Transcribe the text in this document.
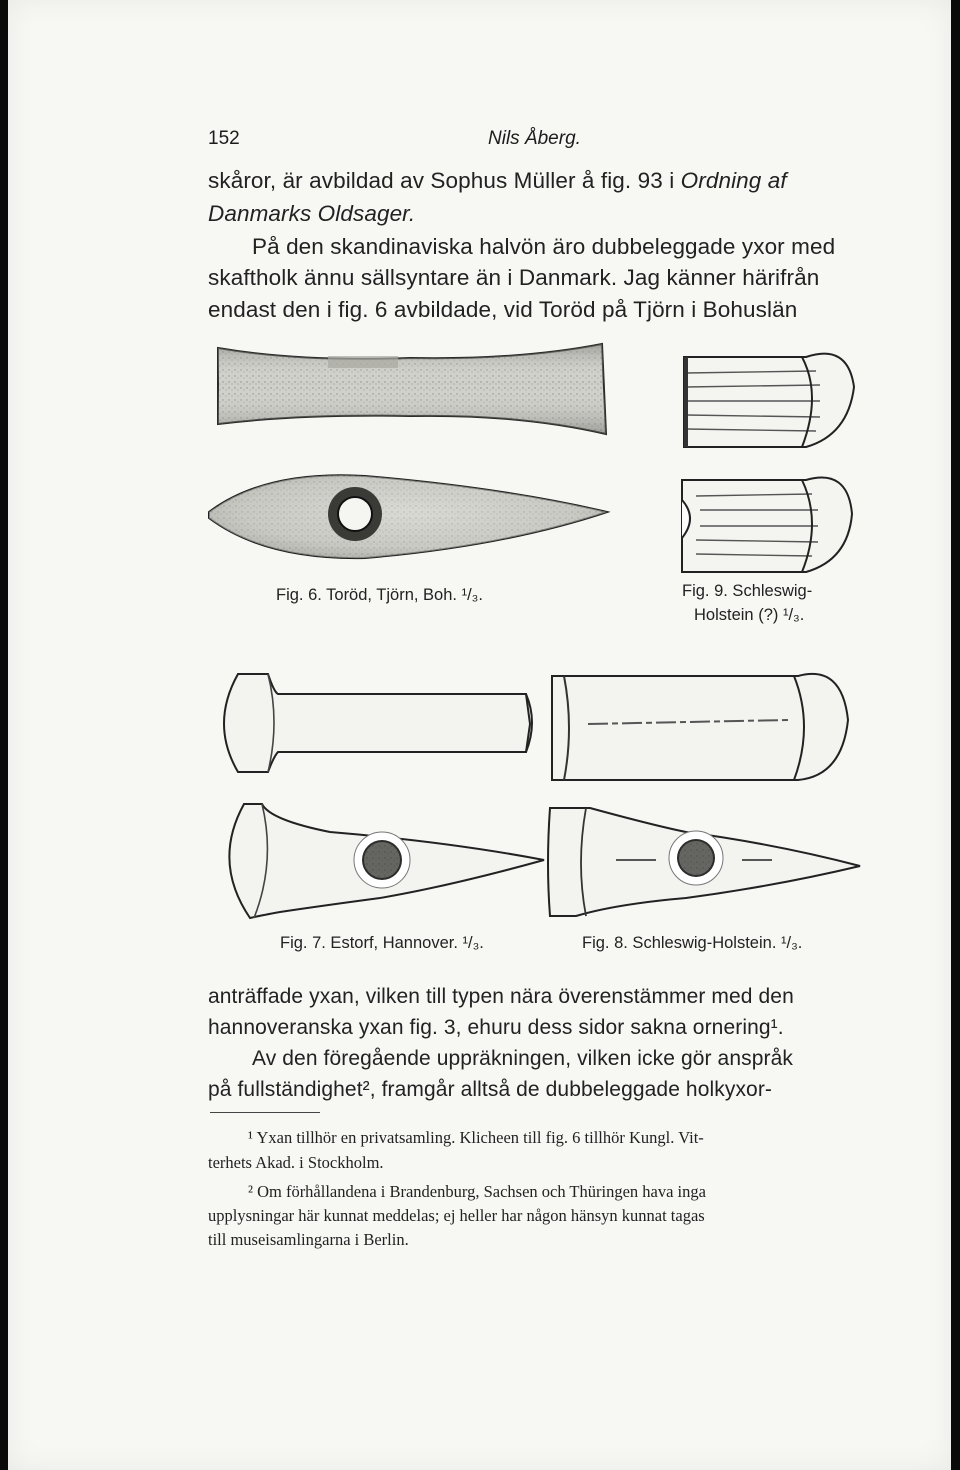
152	Nils Åberg.
skåror, är avbildad av Sophus Müller å fig. 93 i Ordning af
Danmarks Oldsager.
På den skandinaviska halvön äro dubbeleggade yxor med
skaftholk ännu sällsyntare än i Danmark. Jag känner härifrån
endast den i fig. 6 avbildade, vid Toröd på Tjörn i Bohuslän
Fig. 6. Toröd, Tjörn, Boh. ¹/₃.	Fig. 9. Schleswig-
Holstein (?) ¹/₃.
Fig. 7. Estorf, Hannover. ¹/₃.	Fig. 8. Schleswig-Holstein. ¹/₃.
anträffade yxan, vilken till typen nära överenstämmer med den
hannoveranska yxan fig. 3, ehuru dess sidor sakna ornering¹.
Av den föregående uppräkningen, vilken icke gör anspråk
på fullständighet², framgår alltså de dubbeleggade holkyxor-
¹ Yxan tillhör en privatsamling. Klicheen till fig. 6 tillhör Kungl. Vit-
terhets Akad. i Stockholm.
² Om förhållandena i Brandenburg, Sachsen och Thüringen hava inga
upplysningar här kunnat meddelas; ej heller har någon hänsyn kunnat tagas
till museisamlingarna i Berlin.
